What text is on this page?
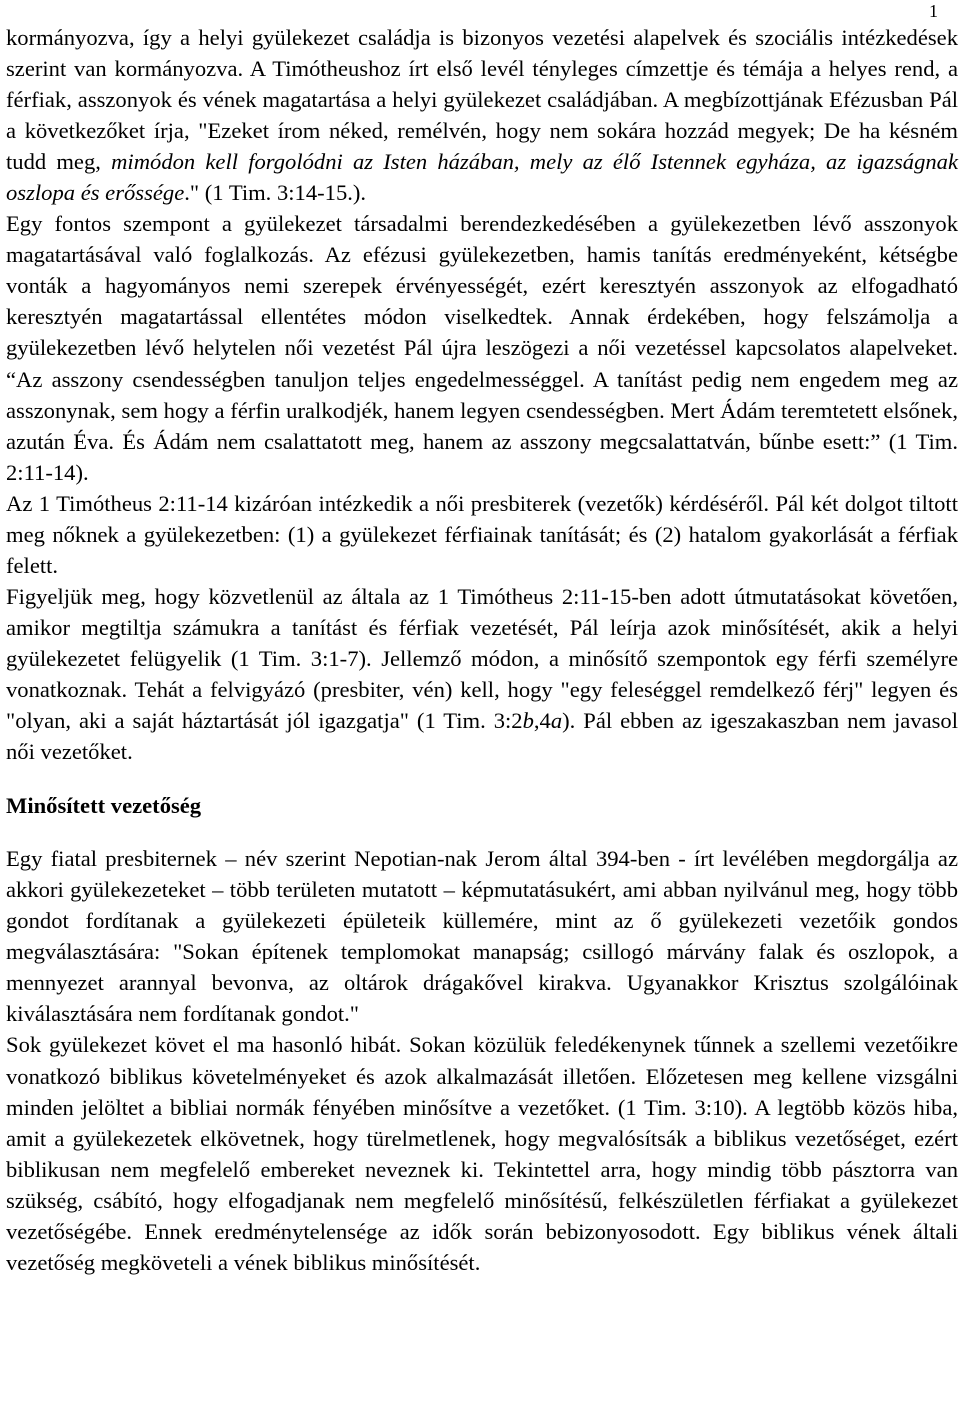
1

kormányozva, így a helyi gyülekezet családja is bizonyos vezetési alapelvek és szociális intézkedések szerint van kormányozva. A Timótheushoz írt első levél tényleges címzettje és témája a helyes rend, a férfiak, asszonyok és vének magatartása a helyi gyülekezet családjában. A megbízottjának Efézusban Pál a következőket írja, "Ezeket írom néked, remélvén, hogy nem sokára hozzád megyek; De ha késném tudd meg, mimódon kell forgolódni az Isten házában, mely az élő Istennek egyháza, az igazságnak oszlopa és erőssége." (1 Tim. 3:14-15.).

Egy fontos szempont a gyülekezet társadalmi berendezkedésében a gyülekezetben lévő asszonyok magatartásával való foglalkozás. Az efézusi gyülekezetben, hamis tanítás eredményeként, kétségbe vonták a hagyományos nemi szerepek érvényességét, ezért keresztyén asszonyok az elfogadható keresztyén magatartással ellentétes módon viselkedtek. Annak érdekében, hogy felszámolja a gyülekezetben lévő helytelen női vezetést Pál újra leszögezi a női vezetéssel kapcsolatos alapelveket. “Az asszony csendességben tanuljon teljes engedelmességgel. A tanítást pedig nem engedem meg az asszonynak, sem hogy a férfin uralkodjék, hanem legyen csendességben. Mert Ádám teremtetett elsőnek, azután Éva. És Ádám nem csalattatott meg, hanem az asszony megcsalattatván, bűnbe esett:” (1 Tim. 2:11-14).

Az 1 Timótheus 2:11-14 kizáróan intézkedik a női presbiterek (vezetők) kérdéséről. Pál két dolgot tiltott meg nőknek a gyülekezetben: (1) a gyülekezet férfiainak tanítását; és (2) hatalom gyakorlását a férfiak felett.

Figyeljük meg, hogy közvetlenül az általa az 1 Timótheus 2:11-15-ben adott útmutatásokat követően, amikor megtiltja számukra a tanítást és férfiak vezetését, Pál leírja azok minősítését, akik a helyi gyülekezetet felügyelik (1 Tim. 3:1-7). Jellemző módon, a minősítő szempontok egy férfi személyre vonatkoznak. Tehát a felvigyázó (presbiter, vén) kell, hogy "egy feleséggel remdelkező férj" legyen és "olyan, aki a saját háztartását jól igazgatja" (1 Tim. 3:2b,4a). Pál ebben az igeszakaszban nem javasol női vezetőket.

Minősített vezetőség

Egy fiatal presbiternek – név szerint Nepotian-nak Jerom által 394-ben - írt levélében megdorgálja az akkori gyülekezeteket – több területen mutatott – képmutatásukért, ami abban nyilvánul meg, hogy több gondot fordítanak a gyülekezeti épületeik küllemére, mint az ő gyülekezeti vezetőik gondos megválasztására: "Sokan építenek templomokat manapság; csillogó márvány falak és oszlopok, a mennyezet arannyal bevonva, az oltárok drágakővel kirakva. Ugyanakkor Krisztus szolgálóinak kiválasztására nem fordítanak gondot."

Sok gyülekezet követ el ma hasonló hibát. Sokan közülük feledékenynek tűnnek a szellemi vezetőikre vonatkozó biblikus követelményeket és azok alkalmazását illetően. Előzetesen meg kellene vizsgálni minden jelöltet a bibliai normák fényében minősítve a vezetőket. (1 Tim. 3:10). A legtöbb közös hiba, amit a gyülekezetek elkövetnek, hogy türelmetlenek, hogy megvalósítsák a biblikus vezetőséget, ezért biblikusan nem megfelelő embereket neveznek ki. Tekintettel arra, hogy mindig több pásztorra van szükség, csábító, hogy elfogadjanak nem megfelelő minősítésű, felkészületlen férfiakat a gyülekezet vezetőségébe. Ennek eredménytelensége az idők során bebizonyosodott. Egy biblikus vének általi vezetőség megköveteli a vének biblikus minősítését.
